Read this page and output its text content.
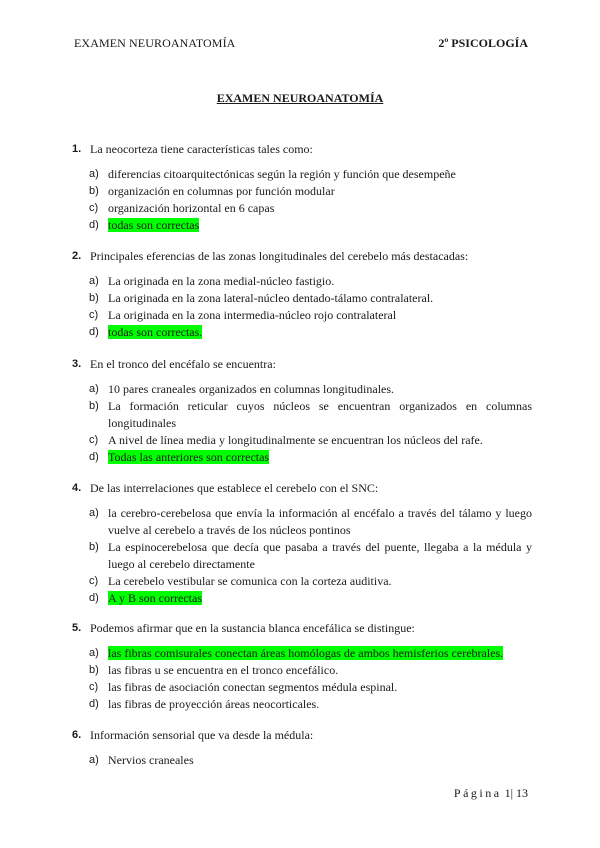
EXAMEN NEUROANATOMÍA	2º PSICOLOGÍA
EXAMEN NEUROANATOMÍA
1. La neocorteza tiene características tales como:
a) diferencias citoarquitectónicas según la región y función que desempeñe
b) organización en columnas por función modular
c) organización horizontal en 6 capas
d) todas son correctas
2. Principales eferencias de las zonas longitudinales del cerebelo más destacadas:
a) La originada en la zona medial-núcleo fastigio.
b) La originada en la zona lateral-núcleo dentado-tálamo contralateral.
c) La originada en la zona intermedia-núcleo rojo contralateral
d) todas son correctas.
3. En el tronco del encéfalo se encuentra:
a) 10 pares craneales organizados en columnas longitudinales.
b) La formación reticular cuyos núcleos se encuentran organizados en columnas longitudinales
c) A nivel de línea media y longitudinalmente se encuentran los núcleos del rafe.
d) Todas las anteriores son correctas
4. De las interrelaciones que establece el cerebelo con el SNC:
a) la cerebro-cerebelosa que envía la información al encéfalo a través del tálamo y luego vuelve al cerebelo a través de los núcleos pontinos
b) La espinocerebelosa que decía que pasaba a través del puente, llegaba a la médula y luego al cerebelo directamente
c) La cerebelo vestibular se comunica con la corteza auditiva.
d) A y B son correctas
5. Podemos afirmar que en la sustancia blanca encefálica se distingue:
a) las fibras comisurales conectan áreas homólogas de ambos hemisferios cerebrales.
b) las fibras u se encuentra en el tronco encefálico.
c) las fibras de asociación conectan segmentos médula espinal.
d) las fibras de proyección áreas neocorticales.
6. Información sensorial que va desde la médula:
a) Nervios craneales
Página 1| 13
